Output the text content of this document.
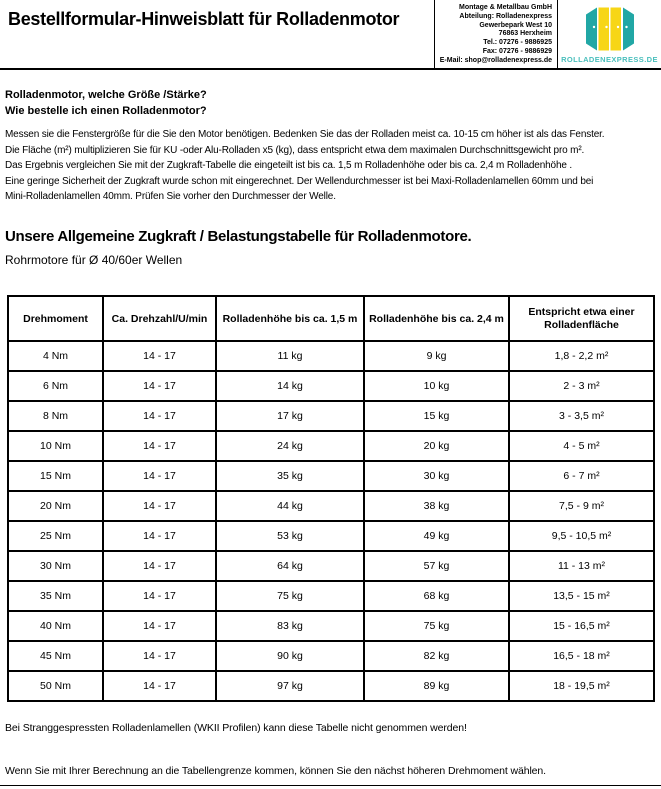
Bestellformular-Hinweisblatt für Rolladenmotor
Montage & Metallbau GmbH
Abteilung: Rolladenexpress
Gewerbepark West 10
76863 Herxheim
Tel.: 07276 - 9886925
Fax: 07276 - 9886929
E-Mail: shop@rolladenexpress.de ROLLADENEXPRESS.DE
Rolladenmotor, welche Größe /Stärke?
Wie bestelle ich einen Rolladenmotor?
Messen sie die Fenstergröße für die Sie den Motor benötigen. Bedenken Sie das der Rolladen meist ca. 10-15 cm höher ist als das Fenster.
Die Fläche (m²) multiplizieren Sie für KU -oder Alu-Rolladen x5 (kg), dass entspricht etwa dem maximalen Durchschnittsgewicht pro m².
Das Ergebnis vergleichen Sie mit der Zugkraft-Tabelle die eingeteilt ist bis ca. 1,5 m Rolladenhöhe oder bis ca. 2,4 m Rolladenhöhe .
Eine geringe Sicherheit der Zugkraft wurde schon mit eingerechnet. Der Wellendurchmesser ist bei Maxi-Rolladenlamellen 60mm und bei
Mini-Rolladenlamellen 40mm. Prüfen Sie vorher den Durchmesser der Welle.
Unsere Allgemeine Zugkraft / Belastungstabelle für Rolladenmotore.
Rohrmotore für Ø 40/60er Wellen
Drehmoment	Ca. Drehzahl/U/min	Rolladenhöhe bis ca. 1,5 m	Rolladenhöhe bis ca. 2,4 m	Entspricht etwa einer Rolladenfläche
4 Nm	14 - 17	11 kg	9 kg	1,8 - 2,2 m²
6 Nm	14 - 17	14 kg	10 kg	2 - 3 m²
8 Nm	14 - 17	17 kg	15 kg	3 - 3,5 m²
10 Nm	14 - 17	24 kg	20 kg	4 - 5 m²
15 Nm	14 - 17	35 kg	30 kg	6 - 7 m²
20 Nm	14 - 17	44 kg	38 kg	7,5 - 9 m²
25 Nm	14 - 17	53 kg	49 kg	9,5 - 10,5 m²
30 Nm	14 - 17	64 kg	57 kg	11 - 13 m²
35 Nm	14 - 17	75 kg	68 kg	13,5 - 15 m²
40 Nm	14 - 17	83 kg	75 kg	15 - 16,5 m²
45 Nm	14 - 17	90 kg	82 kg	16,5 - 18 m²
50 Nm	14 - 17	97 kg	89 kg	18 - 19,5 m²
Bei Stranggespressten Rolladenlamellen (WKII Profilen) kann diese Tabelle nicht genommen werden!
Wenn Sie mit Ihrer Berechnung an die Tabellengrenze kommen, können Sie den nächst höheren Drehmoment wählen.
